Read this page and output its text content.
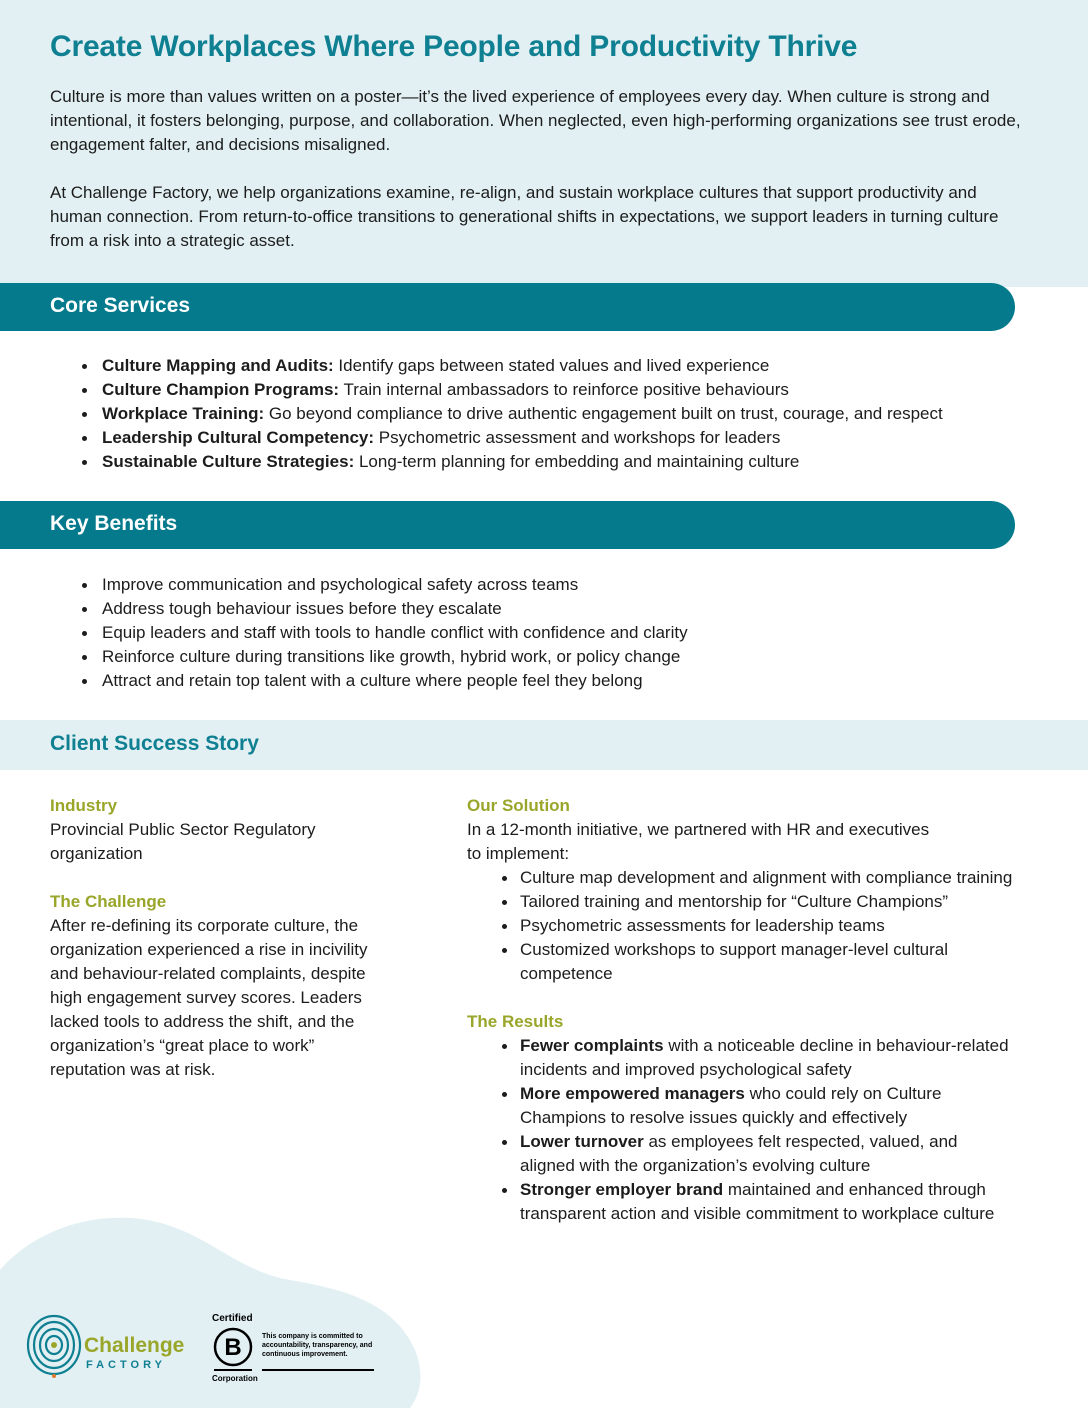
Create Workplaces Where People and Productivity Thrive

Culture is more than values written on a poster—it’s the lived experience of employees every day. When culture is strong and intentional, it fosters belonging, purpose, and collaboration. When neglected, even high-performing organizations see trust erode, engagement falter, and decisions misaligned.

At Challenge Factory, we help organizations examine, re-align, and sustain workplace cultures that support productivity and human connection. From return-to-office transitions to generational shifts in expectations, we support leaders in turning culture from a risk into a strategic asset.

Core Services
Culture Mapping and Audits: Identify gaps between stated values and lived experience
Culture Champion Programs: Train internal ambassadors to reinforce positive behaviours
Workplace Training: Go beyond compliance to drive authentic engagement built on trust, courage, and respect
Leadership Cultural Competency: Psychometric assessment and workshops for leaders
Sustainable Culture Strategies: Long-term planning for embedding and maintaining culture
Key Benefits
Improve communication and psychological safety across teams
Address tough behaviour issues before they escalate
Equip leaders and staff with tools to handle conflict with confidence and clarity
Reinforce culture during transitions like growth, hybrid work, or policy change
Attract and retain top talent with a culture where people feel they belong
Client Success Story

Industry

Provincial Public Sector Regulatory

organization

The Challenge

After re-defining its corporate culture, the

organization experienced a rise in incivility

and behaviour-related complaints, despite

high engagement survey scores. Leaders

lacked tools to address the shift, and the

organization’s “great place to work”

reputation was at risk.

Our Solution

In a 12-month initiative, we partnered with HR and executives

to implement:

Culture map development and alignment with compliance training
Tailored training and mentorship for “Culture Champions”
Psychometric assessments for leadership teams
Customized workshops to support manager-level cultural
competence

The Results

Fewer complaints with a noticeable decline in behaviour-related
incidents and improved psychological safety
More empowered managers who could rely on Culture
Champions to resolve issues quickly and effectively
Lower turnover as employees felt respected, valued, and
aligned with the organization’s evolving culture
Stronger employer brand maintained and enhanced through
transparent action and visible commitment to workplace culture
Challenge
FACTORY
Certified
B
Corporation
This company is committed to accountability, transparency, and continuous improvement.
